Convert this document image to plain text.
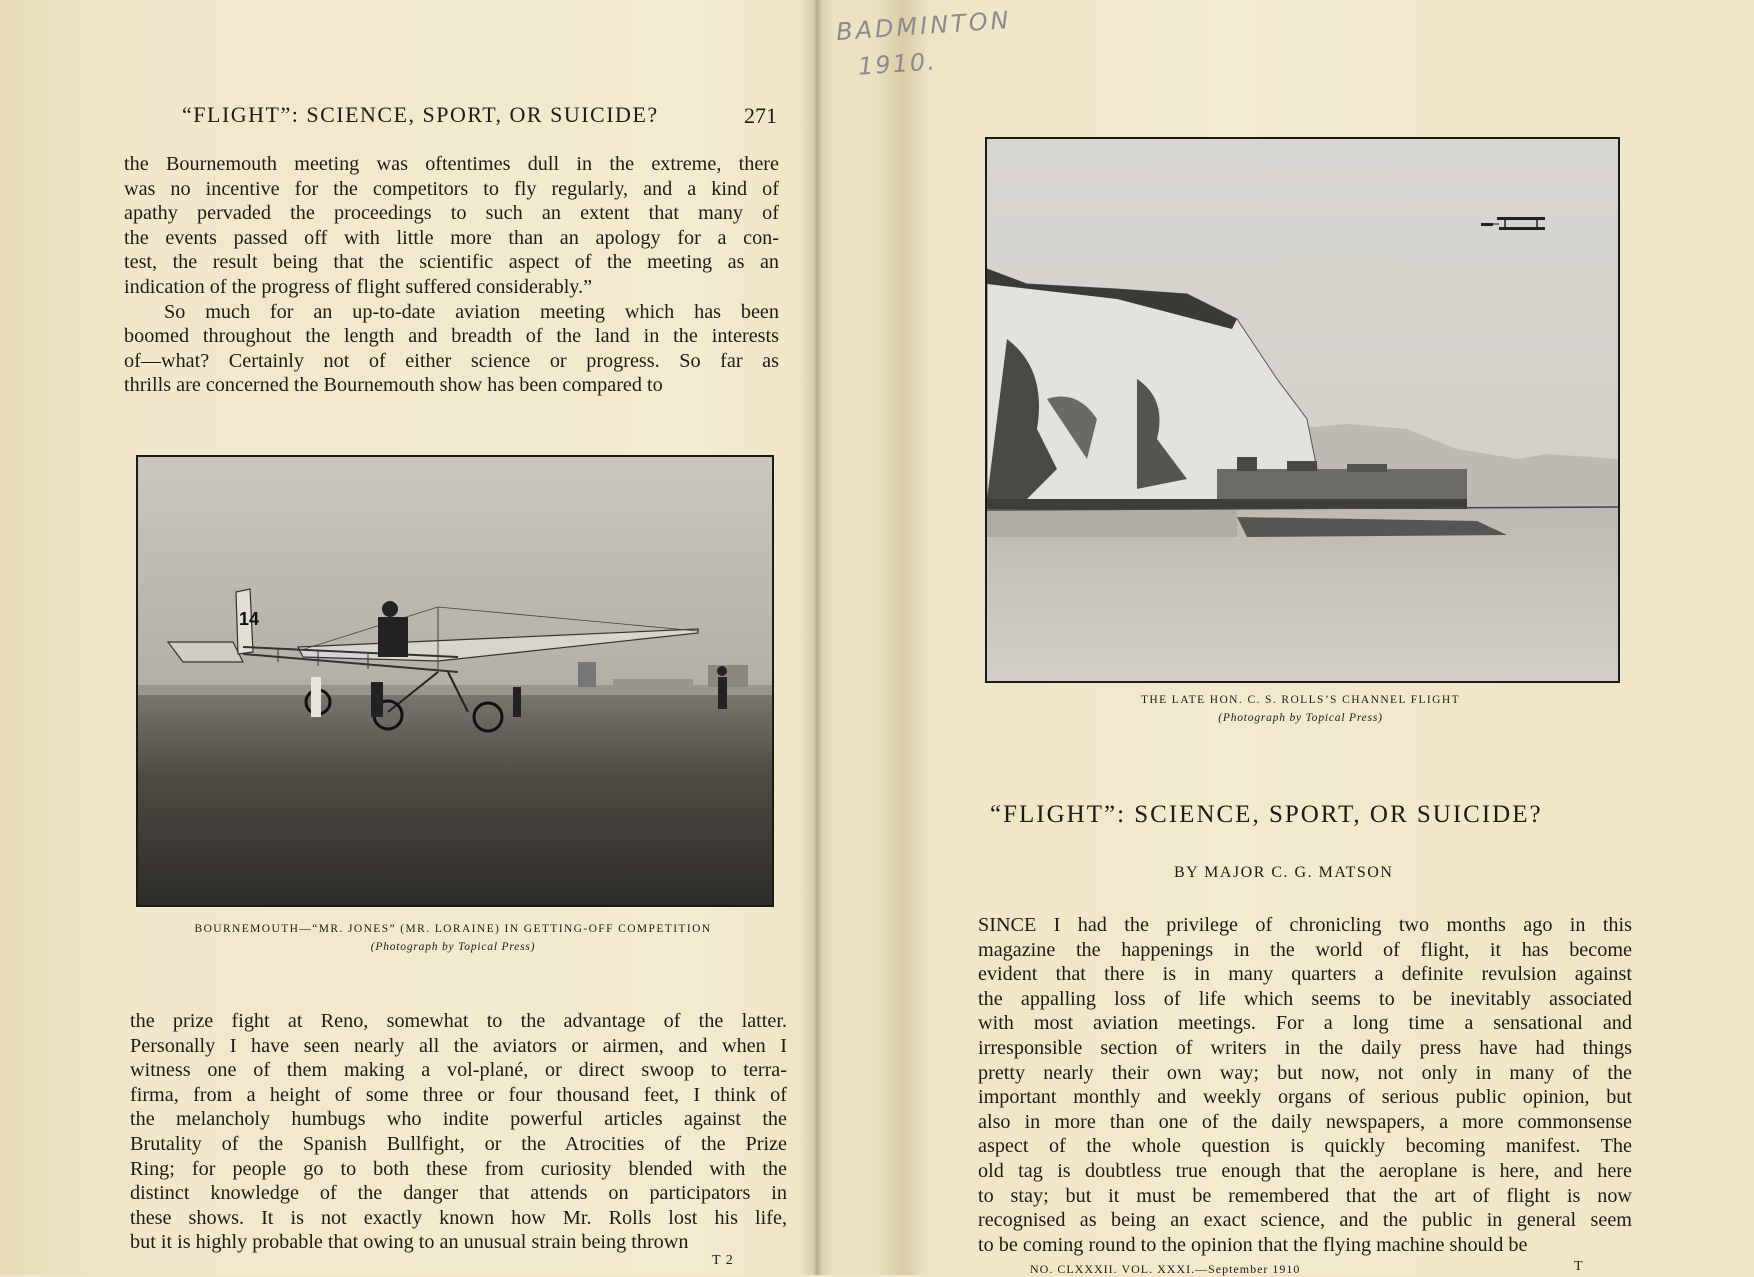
“FLIGHT”: SCIENCE, SPORT, OR SUICIDE?	271
the Bournemouth meeting was oftentimes dull in the extreme, there
was no incentive for the competitors to fly regularly, and a kind of
apathy pervaded the proceedings to such an extent that many of
the events passed off with little more than an apology for a con-
test, the result being that the scientific aspect of the meeting as an
indication of the progress of flight suffered considerably.”
So much for an up-to-date aviation meeting which has been
boomed throughout the length and breadth of the land in the interests
of—what? Certainly not of either science or progress. So far as
thrills are concerned the Bournemouth show has been compared to
14
BOURNEMOUTH—“MR. JONES” (MR. LORAINE) IN GETTING-OFF COMPETITION
(Photograph by Topical Press)
the prize fight at Reno, somewhat to the advantage of the latter.
Personally I have seen nearly all the aviators or airmen, and when I
witness one of them making a vol-plané, or direct swoop to terra-
firma, from a height of some three or four thousand feet, I think of
the melancholy humbugs who indite powerful articles against the
Brutality of the Spanish Bullfight, or the Atrocities of the Prize
Ring; for people go to both these from curiosity blended with the
distinct knowledge of the danger that attends on participators in
these shows. It is not exactly known how Mr. Rolls lost his life,
but it is highly probable that owing to an unusual strain being thrown
T 2
BADMINTON
1910.
THE LATE HON. C. S. ROLLS’S CHANNEL FLIGHT
(Photograph by Topical Press)
“FLIGHT”: SCIENCE, SPORT, OR SUICIDE?
BY MAJOR C. G. MATSON
SINCE I had the privilege of chronicling two months ago in this
magazine the happenings in the world of flight, it has become
evident that there is in many quarters a definite revulsion against
the appalling loss of life which seems to be inevitably associated
with most aviation meetings. For a long time a sensational and
irresponsible section of writers in the daily press have had things
pretty nearly their own way; but now, not only in many of the
important monthly and weekly organs of serious public opinion, but
also in more than one of the daily newspapers, a more commonsense
aspect of the whole question is quickly becoming manifest. The
old tag is doubtless true enough that the aeroplane is here, and here
to stay; but it must be remembered that the art of flight is now
recognised as being an exact science, and the public in general seem
to be coming round to the opinion that the flying machine should be
NO. CLXXXII. VOL. XXXI.—September 1910	T
